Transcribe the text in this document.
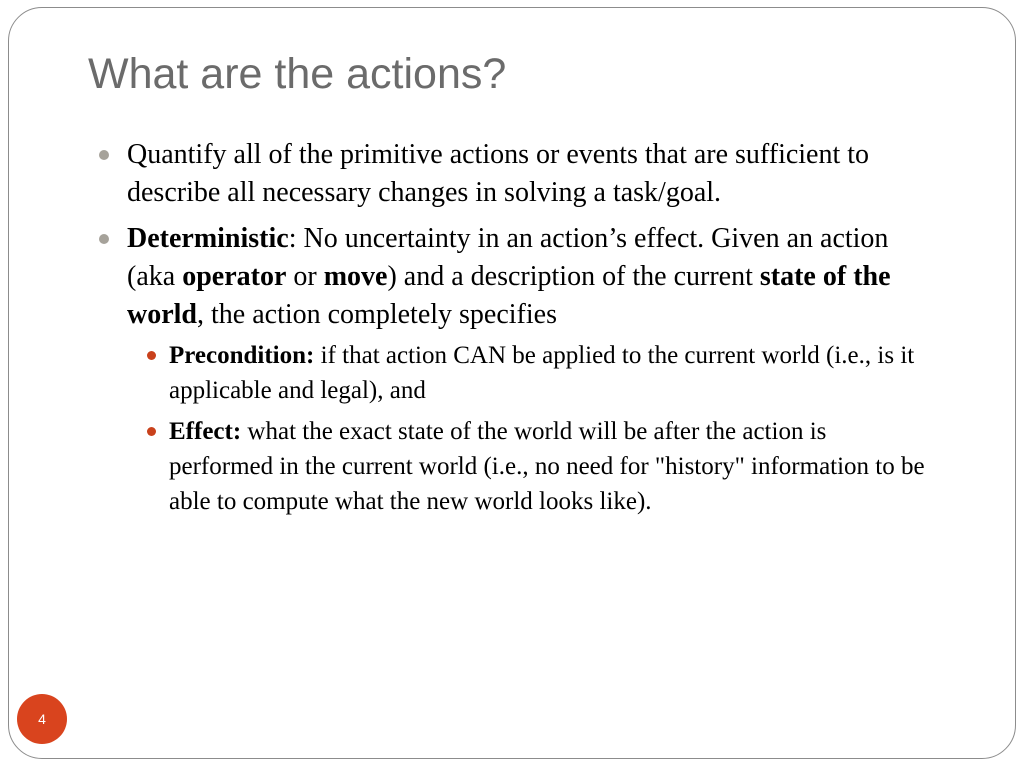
What are the actions?
Quantify all of the primitive actions or events that are sufficient to describe all necessary changes in solving a task/goal.
Deterministic: No uncertainty in an action’s effect. Given an action (aka operator or move) and a description of the current state of the world, the action completely specifies
Precondition: if that action CAN be applied to the current world (i.e., is it applicable and legal), and
Effect: what the exact state of the world will be after the action is performed in the current world (i.e., no need for "history" information to be able to compute what the new world looks like).
4
